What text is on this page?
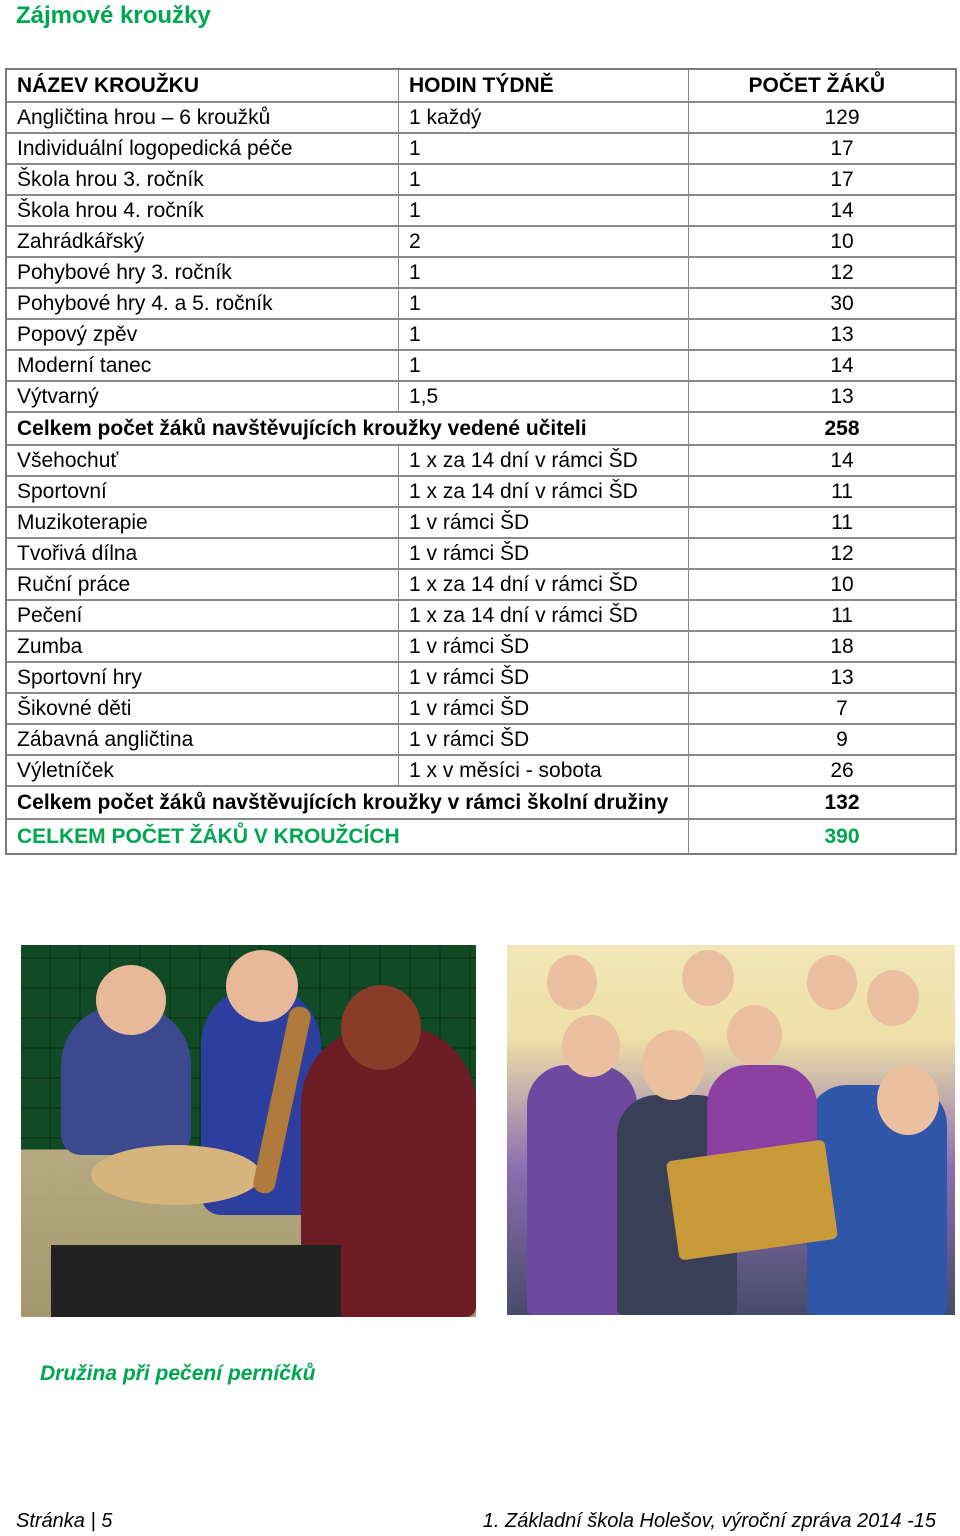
Zájmové kroužky
NÁZEV KROUŽKU	HODIN TÝDNĚ	POČET ŽÁKŮ
Angličtina hrou – 6 kroužků	1 každý	129
Individuální logopedická péče	1	17
Škola hrou 3. ročník	1	17
Škola hrou 4. ročník	1	14
Zahrádkářský	2	10
Pohybové hry 3. ročník	1	12
Pohybové hry 4. a 5. ročník	1	30
Popový zpěv	1	13
Moderní tanec	1	14
Výtvarný	1,5	13
Celkem počet žáků navštěvujících kroužky vedené učiteli		258
Všehochuť	1 x za 14 dní v rámci ŠD	14
Sportovní	1 x za 14 dní v rámci ŠD	11
Muzikoterapie	1 v rámci ŠD	11
Tvořivá dílna	1 v rámci ŠD	12
Ruční práce	1 x za 14 dní v rámci ŠD	10
Pečení	1 x za 14 dní v rámci ŠD	11
Zumba	1 v rámci ŠD	18
Sportovní hry	1 v rámci ŠD	13
Šikovné děti	1 v rámci ŠD	7
Zábavná angličtina	1 v rámci ŠD	9
Výletníček	1 x v měsíci - sobota	26
Celkem počet žáků navštěvujících kroužky v rámci školní družiny		132
CELKEM POČET ŽÁKŮ V KROUŽCÍCH		390

Družina při pečení perníčků

Stránka | 5	1. Základní škola Holešov, výroční zpráva 2014 -15
